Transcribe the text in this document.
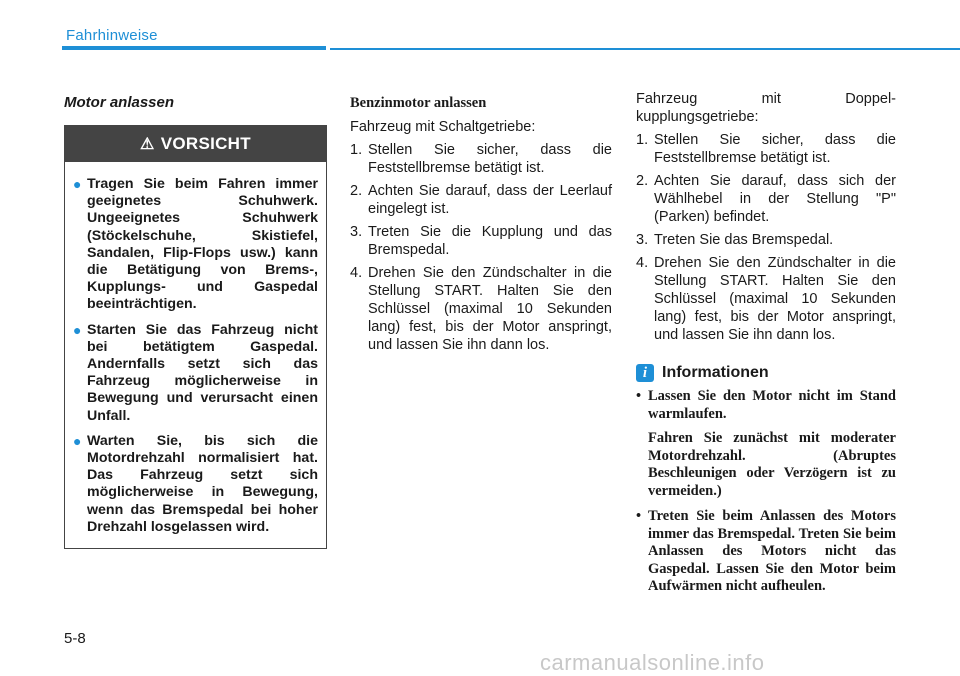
Fahrhinweise
Motor anlassen
⚠ VORSICHT
● Tragen Sie beim Fahren immer geeignetes Schuhwerk. Ungeeignetes Schuhwerk (Stöckelschuhe, Skistiefel, Sandalen, Flip-Flops usw.) kann die Betätigung von Brems-, Kupplungs- und Gaspedal beeinträchtigen.
● Starten Sie das Fahrzeug nicht bei betätigtem Gaspedal. Andernfalls setzt sich das Fahrzeug möglicherweise in Bewegung und verursacht einen Unfall.
● Warten Sie, bis sich die Motordrehzahl normalisiert hat. Das Fahrzeug setzt sich möglicherweise in Bewegung, wenn das Bremspedal bei hoher Drehzahl losgelassen wird.
Benzinmotor anlassen

Fahrzeug mit Schaltgetriebe:

1. Stellen Sie sicher, dass die Feststellbremse betätigt ist.
2. Achten Sie darauf, dass der Leerlauf eingelegt ist.
3. Treten Sie die Kupplung und das Bremspedal.
4. Drehen Sie den Zündschalter in die Stellung START. Halten Sie den Schlüssel (maximal 10 Sekunden lang) fest, bis der Motor anspringt, und lassen Sie ihn dann los.

Fahrzeug mit Doppel-kupplungsgetriebe:

1. Stellen Sie sicher, dass die Feststellbremse betätigt ist.
2. Achten Sie darauf, dass sich der Wählhebel in der Stellung "P" (Parken) befindet.
3. Treten Sie das Bremspedal.
4. Drehen Sie den Zündschalter in die Stellung START. Halten Sie den Schlüssel (maximal 10 Sekunden lang) fest, bis der Motor anspringt, und lassen Sie ihn dann los.
i Informationen
• Lassen Sie den Motor nicht im Stand warmlaufen.
Fahren Sie zunächst mit moderater Motordrehzahl. (Abruptes Beschleunigen oder Verzögern ist zu vermeiden.)
• Treten Sie beim Anlassen des Motors immer das Bremspedal. Treten Sie beim Anlassen des Motors nicht das Gaspedal. Lassen Sie den Motor beim Aufwärmen nicht aufheulen.
5-8
carmanualsonline.info
